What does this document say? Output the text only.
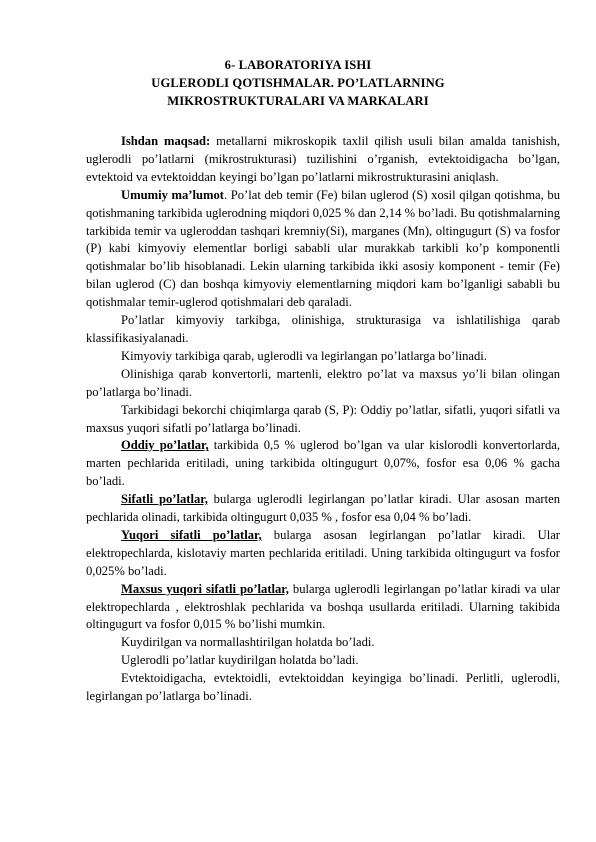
6- LABORATORIYA ISHI
UGLERODLI QOTISHMALAR. PO’LATLARNING
MIKROSTRUKTURALARI VA MARKALARI

Ishdan maqsad: metallarni mikroskopik taxlil qilish usuli bilan amalda tanishish, uglerodli po’latlarni (mikrostrukturasi) tuzilishini o’rganish, evtektoidigacha bo’lgan, evtektoid va evtektoiddan keyingi bo’lgan po’latlarni mikrostrukturasini aniqlash.

Umumiy ma’lumot. Po’lat deb temir (Fe) bilan uglerod (S) xosil qilgan qotishma, bu qotishmaning tarkibida uglerodning miqdori 0,025 % dan 2,14 % bo’ladi. Bu qotishmalarning tarkibida temir va ugleroddan tashqari kremniy(Si), marganes (Mn), oltingugurt (S) va fosfor (P) kabi kimyoviy elementlar borligi sababli ular murakkab tarkibli ko’p komponentli qotishmalar bo’lib hisoblanadi. Lekin ularning tarkibida ikki asosiy komponent - temir (Fe) bilan uglerod (C) dan boshqa kimyoviy elementlarning miqdori kam bo’lganligi sababli bu qotishmalar temir-uglerod qotishmalari deb qaraladi.

Po’latlar kimyoviy tarkibga, olinishiga, strukturasiga va ishlatilishiga qarab klassifikasiyalanadi.

Kimyoviy tarkibiga qarab, uglerodli va legirlangan po’latlarga bo’linadi.

Olinishiga qarab konvertorli, martenli, elektro po’lat va maxsus yo’li bilan olingan po’latlarga bo’linadi.

Tarkibidagi bekorchi chiqimlarga qarab (S, P): Oddiy po’latlar, sifatli, yuqori sifatli va maxsus yuqori sifatli po’latlarga bo’linadi.

Oddiy po’latlar, tarkibida 0,5 % uglerod bo’lgan va ular kislorodli konvertorlarda, marten pechlarida eritiladi, uning tarkibida oltingugurt 0,07%, fosfor esa 0,06 % gacha bo’ladi.

Sifatli po’latlar, bularga uglerodli legirlangan po’latlar kiradi. Ular asosan marten pechlarida olinadi, tarkibida oltingugurt 0,035 % , fosfor esa 0,04 % bo’ladi.

Yuqori sifatli po’latlar, bularga asosan legirlangan po’latlar kiradi. Ular elektropechlarda, kislotaviy marten pechlarida eritiladi. Uning tarkibida oltingugurt va fosfor 0,025% bo’ladi.

Maxsus yuqori sifatli po’latlar, bularga uglerodli legirlangan po’latlar kiradi va ular elektropechlarda , elektroshlak pechlarida va boshqa usullarda eritiladi. Ularning takibida oltingugurt va fosfor 0,015 % bo’lishi mumkin.

Kuydirilgan va normallashtirilgan holatda bo’ladi.

Uglerodli po’latlar kuydirilgan holatda bo’ladi.

Evtektoidigacha, evtektoidli, evtektoiddan keyingiga bo’linadi. Perlitli, uglerodli, legirlangan po’latlarga bo’linadi.
